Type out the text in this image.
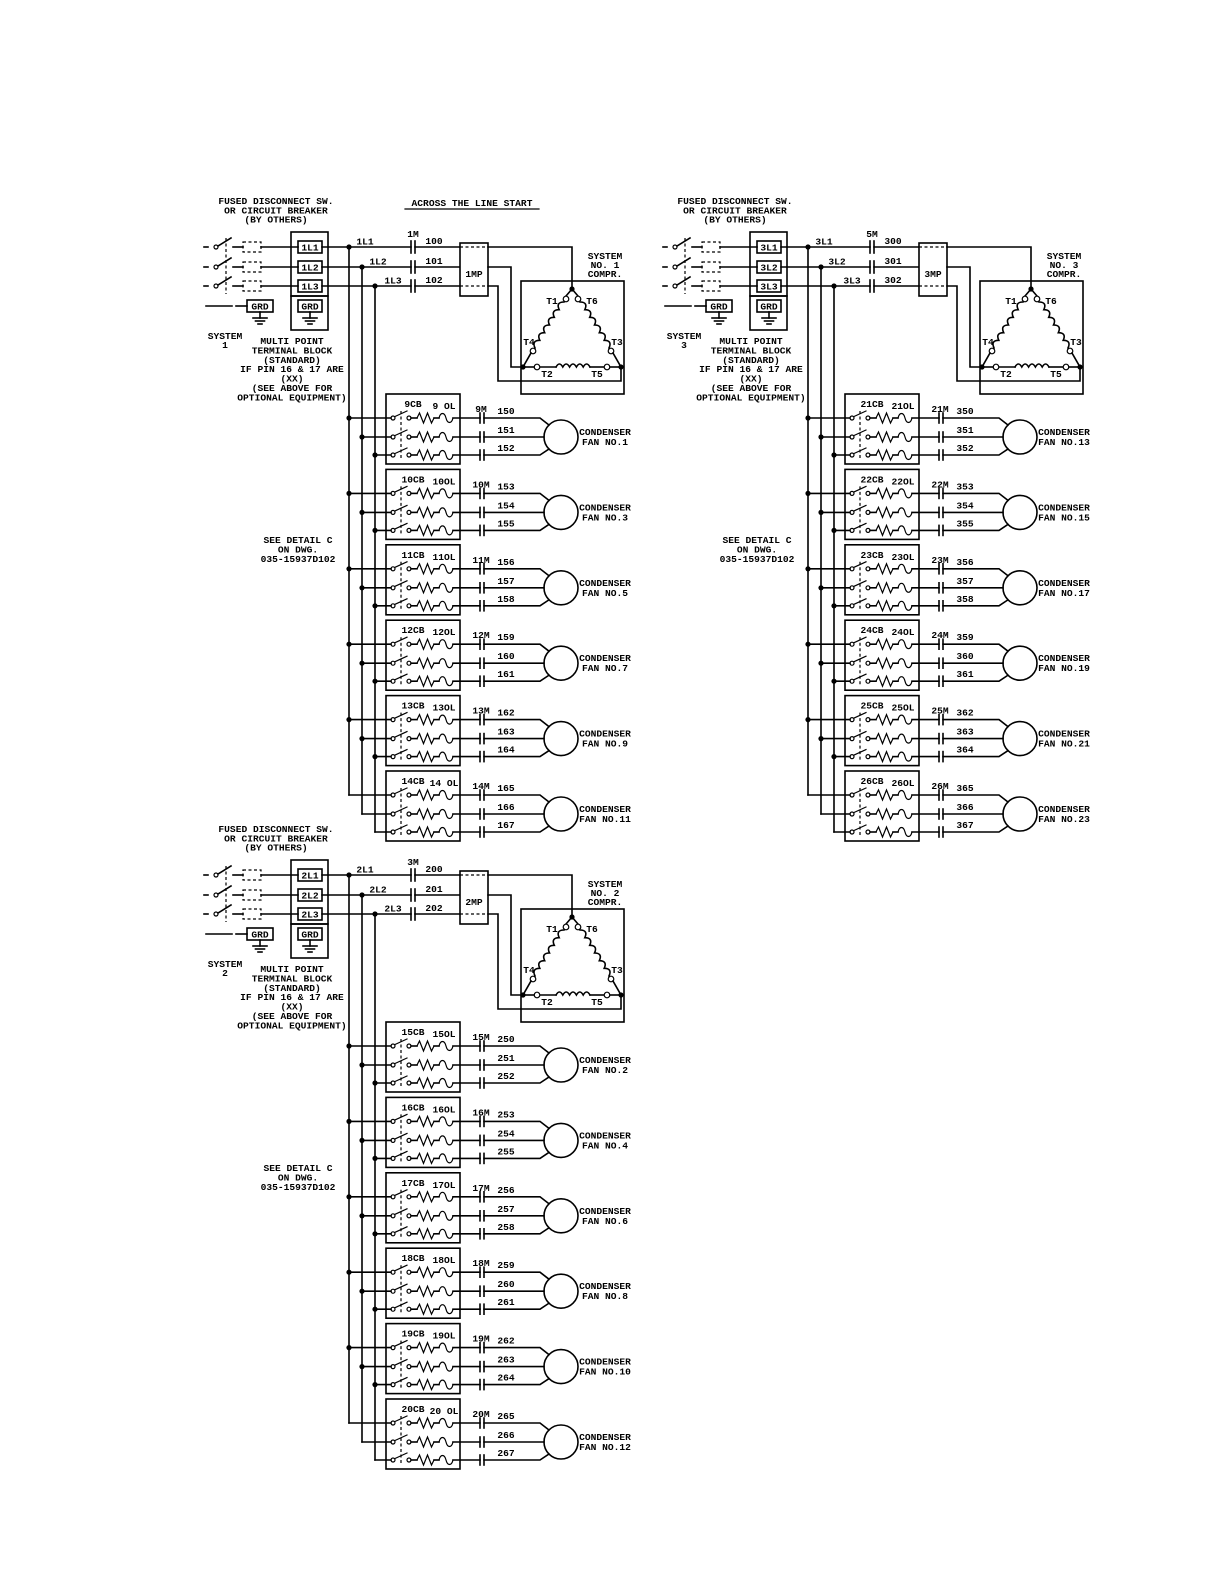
FUSED DISCONNECT SW.
OR CIRCUIT BREAKER
(BY OTHERS)
ACROSS THE LINE START
1L1
100
1L2
101
1L3
102
1M
1L1
1L2
1L3
GRD	GRD
SYSTEM
1	MULTI POINT
TERMINAL BLOCK
(STANDARD)
IF PIN 16 & 17 ARE
(XX)
(SEE ABOVE FOR
OPTIONAL EQUIPMENT)
SEE DETAIL C
ON DWG.
035-15937D102
1MP
SYSTEM
NO. 1
COMPR.
T1	T6
T4	T3
T2	T5
9CB 9 OL 9M 150
151
152
CONDENSER
FAN NO.1
10CB 10OL 10M 153
154
155
CONDENSER
FAN NO.3
11CB 11OL 11M 156
157
158
CONDENSER
FAN NO.5
12CB 12OL 12M 159
160
161
CONDENSER
FAN NO.7
13CB 13OL 13M 162
163
164
CONDENSER
FAN NO.9
14CB 14 OL 14M 165
166
167
CONDENSER
FAN NO.11
FUSED DISCONNECT SW.
OR CIRCUIT BREAKER
(BY OTHERS)
3L1
300
3L2
301
3L3
302
5M
3L1
3L2
3L3
GRD	GRD
SYSTEM
3	MULTI POINT
TERMINAL BLOCK
(STANDARD)
IF PIN 16 & 17 ARE
(XX)
(SEE ABOVE FOR
OPTIONAL EQUIPMENT)
SEE DETAIL C
ON DWG.
035-15937D102
3MP
SYSTEM
NO. 3
COMPR.
T1	T6
T4	T3
T2	T5
21CB 21OL 21M 350
351
352
CONDENSER
FAN NO.13
22CB 22OL 22M 353
354
355
CONDENSER
FAN NO.15
23CB 23OL 23M 356
357
358
CONDENSER
FAN NO.17
24CB 24OL 24M 359
360
361
CONDENSER
FAN NO.19
25CB 25OL 25M 362
363
364
CONDENSER
FAN NO.21
26CB 26OL 26M 365
366
367
CONDENSER
FAN NO.23
FUSED DISCONNECT SW.
OR CIRCUIT BREAKER
(BY OTHERS)
2L1
200
2L2
201
2L3
202
3M
2L1
2L2
2L3
GRD	GRD
SYSTEM
2	MULTI POINT
TERMINAL BLOCK
(STANDARD)
IF PIN 16 & 17 ARE
(XX)
(SEE ABOVE FOR
OPTIONAL EQUIPMENT)
SEE DETAIL C
ON DWG.
035-15937D102
2MP
SYSTEM
NO. 2
COMPR.
T1	T6
T4	T3
T2	T5
15CB 15OL 15M 250
251
252
CONDENSER
FAN NO.2
16CB 16OL 16M 253
254
255
CONDENSER
FAN NO.4
17CB 17OL 17M 256
257
258
CONDENSER
FAN NO.6
18CB 18OL 18M 259
260
261
CONDENSER
FAN NO.8
19CB 19OL 19M 262
263
264
CONDENSER
FAN NO.10
20CB 20 OL 20M 265
266
267
CONDENSER
FAN NO.12
